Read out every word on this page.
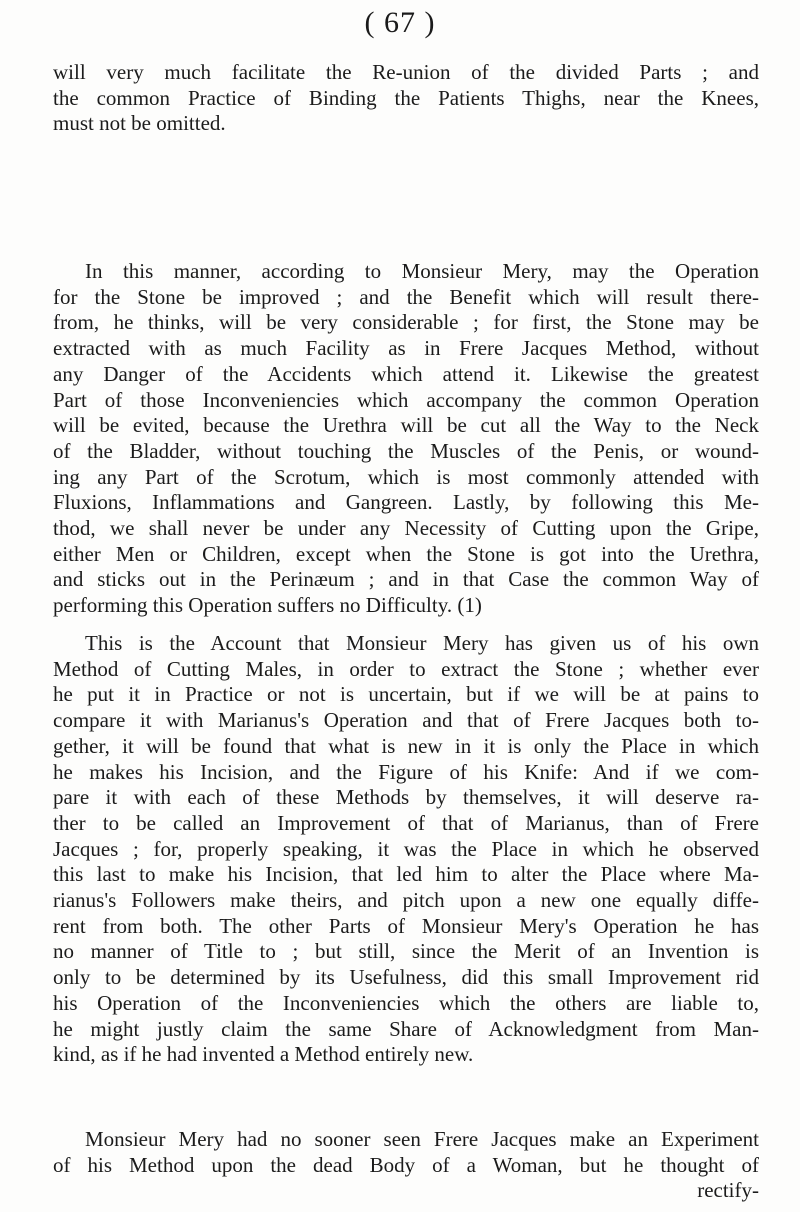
( 67 )
will very much facilitate the Re-union of the divided Parts ; and
the common Practice of Binding the Patients Thighs, near the Knees,
must not be omitted.
In this manner, according to Monsieur Mery, may the Operation
for the Stone be improved ; and the Benefit which will result there-
from, he thinks, will be very considerable ; for first, the Stone may be
extracted with as much Facility as in Frere Jacques Method, without
any Danger of the Accidents which attend it. Likewise the greatest
Part of those Inconveniencies which accompany the common Operation
will be evited, because the Urethra will be cut all the Way to the Neck
of the Bladder, without touching the Muscles of the Penis, or wound-
ing any Part of the Scrotum, which is most commonly attended with
Fluxions, Inflammations and Gangreen. Lastly, by following this Me-
thod, we shall never be under any Necessity of Cutting upon the Gripe,
either Men or Children, except when the Stone is got into the Urethra,
and sticks out in the Perinæum ; and in that Case the common Way of
performing this Operation suffers no Difficulty. (1)
This is the Account that Monsieur Mery has given us of his own
Method of Cutting Males, in order to extract the Stone ; whether ever
he put it in Practice or not is uncertain, but if we will be at pains to
compare it with Marianus's Operation and that of Frere Jacques both to-
gether, it will be found that what is new in it is only the Place in which
he makes his Incision, and the Figure of his Knife: And if we com-
pare it with each of these Methods by themselves, it will deserve ra-
ther to be called an Improvement of that of Marianus, than of Frere
Jacques ; for, properly speaking, it was the Place in which he observed
this last to make his Incision, that led him to alter the Place where Ma-
rianus's Followers make theirs, and pitch upon a new one equally diffe-
rent from both. The other Parts of Monsieur Mery's Operation he has
no manner of Title to ; but still, since the Merit of an Invention is
only to be determined by its Usefulness, did this small Improvement rid
his Operation of the Inconveniencies which the others are liable to,
he might justly claim the same Share of Acknowledgment from Man-
kind, as if he had invented a Method entirely new.
Monsieur Mery had no sooner seen Frere Jacques make an Experiment
of his Method upon the dead Body of a Woman, but he thought of
rectify-
